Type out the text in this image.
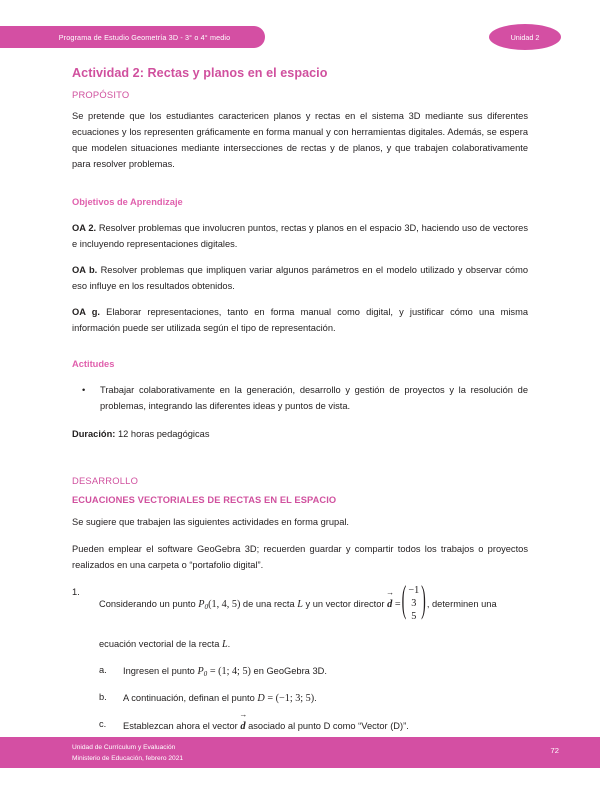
Programa de Estudio Geometría 3D - 3° o 4° medio	Unidad 2
Actividad 2: Rectas y planos en el espacio
PROPÓSITO

Se pretende que los estudiantes caractericen planos y rectas en el sistema 3D mediante sus diferentes ecuaciones y los representen gráficamente en forma manual y con herramientas digitales. Además, se espera que modelen situaciones mediante intersecciones de rectas y de planos, y que trabajen colaborativamente para resolver problemas.

Objetivos de Aprendizaje

OA 2. Resolver problemas que involucren puntos, rectas y planos en el espacio 3D, haciendo uso de vectores e incluyendo representaciones digitales.

OA b. Resolver problemas que impliquen variar algunos parámetros en el modelo utilizado y observar cómo eso influye en los resultados obtenidos.

OA g. Elaborar representaciones, tanto en forma manual como digital, y justificar cómo una misma información puede ser utilizada según el tipo de representación.

Actitudes
•	Trabajar colaborativamente en la generación, desarrollo y gestión de proyectos y la resolución de problemas, integrando las diferentes ideas y puntos de vista.

Duración: 12 horas pedagógicas

DESARROLLO
ECUACIONES VECTORIALES DE RECTAS EN EL ESPACIO

Se sugiere que trabajen las siguientes actividades en forma grupal.

Pueden emplear el software GeoGebra 3D; recuerden guardar y compartir todos los trabajos o proyectos realizados en una carpeta o “portafolio digital”.

1.
Considerando un punto $P_0(1$, 4, 5) de una recta L y un vector director
→
d = ( −1
3
5 ) , determinen una
ecuación vectorial de la recta L.
a.	Ingresen el punto $P_0 = (1$; 4; 5) en GeoGebra 3D.
b.	A continuación, definan el punto D = (−1; 3; 5).
c.	Establezcan ahora el vector
→
d asociado al punto D como “Vector (D)”.
Unidad de Currículum y Evaluación
Ministerio de Educación, febrero 2021
72
